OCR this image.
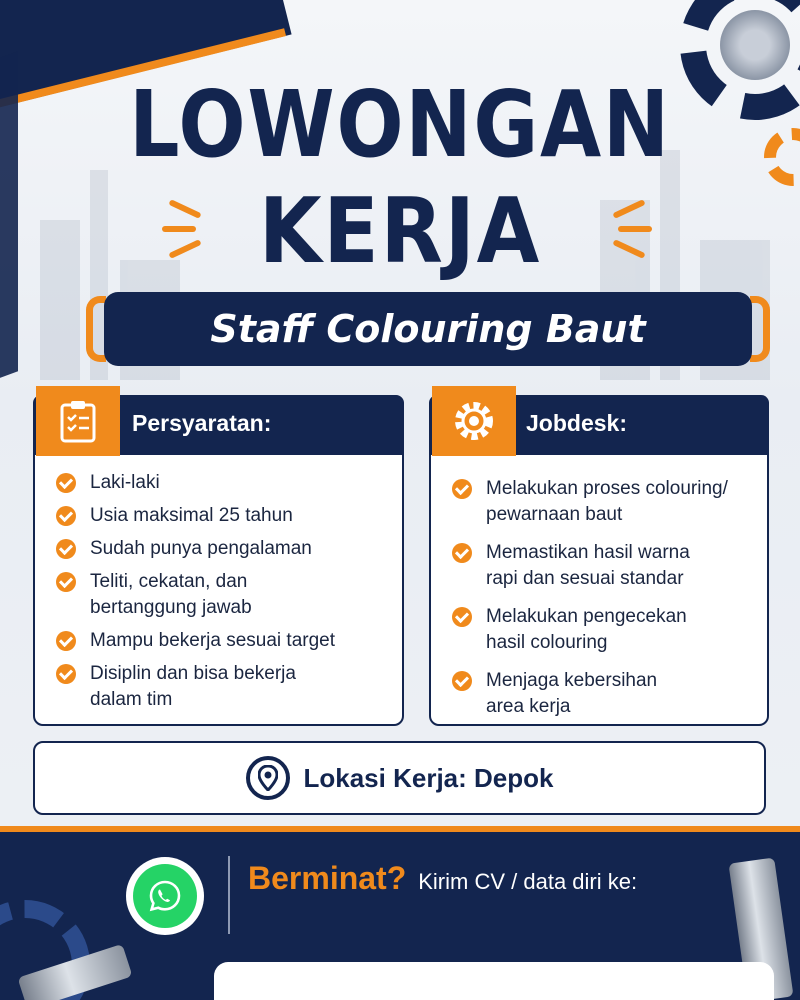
LOWONGAN
KERJA
Staff Colouring Baut
Persyaratan:
Laki-laki
Usia maksimal 25 tahun
Sudah punya pengalaman
Teliti, cekatan, dan bertanggung jawab
Mampu bekerja sesuai target
Disiplin dan bisa bekerja dalam tim
Jobdesk:
Melakukan proses colouring/ pewarnaan baut
Memastikan hasil warna rapi dan sesuai standar
Melakukan pengecekan hasil colouring
Menjaga kebersihan area kerja
Lokasi Kerja: Depok
Berminat? Kirim CV / data diri ke:
